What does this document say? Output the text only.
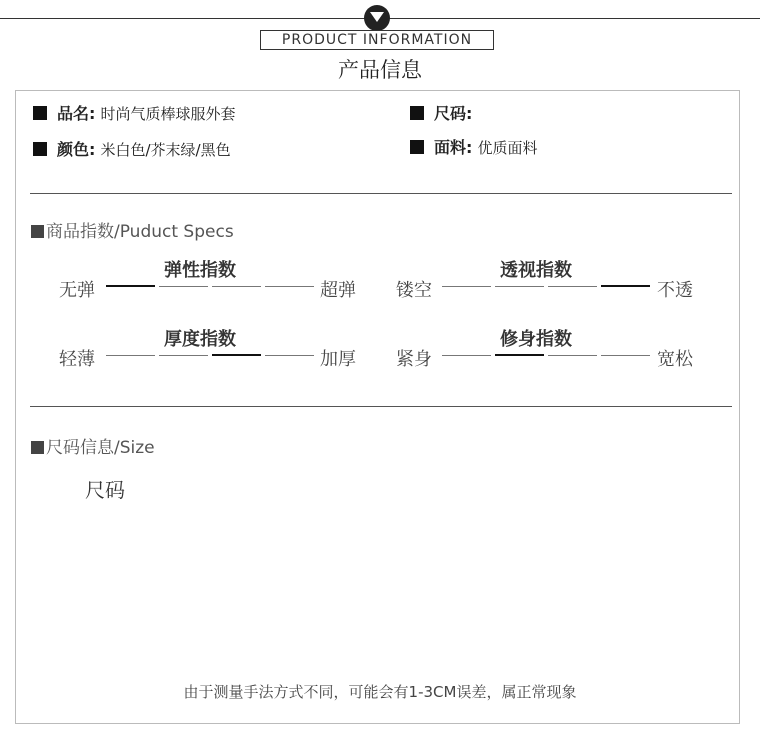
PRODUCT INFORMATION
产品信息
品名: 时尚气质棒球服外套	尺码:
颜色: 米白色/芥末绿/黑色	面料: 优质面料
商品指数/Puduct Specs
弹性指数
无弹	超弹
透视指数
镂空	不透
厚度指数
轻薄	加厚
修身指数
紧身	宽松
尺码信息/Size
尺码
由于测量手法方式不同，可能会有1-3CM误差，属正常现象
